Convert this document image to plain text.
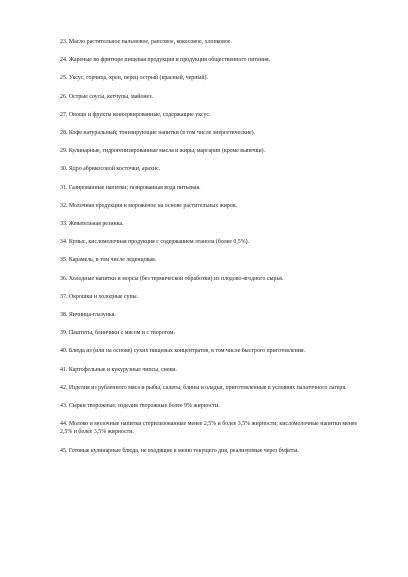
23. Масло растительное пальмовое, рапсовое, кокосовое, хлопковое.
24. Жареные во фритюре пищевая продукция и продукция общественного питания.
25. Уксус, горчица, хрен, перец острый (красный, черный).
26. Острые соусы, кетчупы, майонез.
27. Овощи и фрукты консервированные, содержащие уксус.
28. Кофе натуральный; тонизирующие напитки (в том числе энергетические).
29. Кулинарные, гидрогенизированные масла и жиры, маргарин (кроме выпечки).
30. Ядро абрикосовой косточки, арахис.
31. Газированные напитки; газированная вода питьевая.
32. Молочная продукция и мороженое на основе растительных жиров.
33. Жевательная резинка.
34. Кумыс, кисломолочная продукция с содержанием этанола (более 0,5%).
35. Карамель, в том числе леденцовая.
36. Холодные напитки и морсы (без термической обработки) из плодово-ягодного сырья.
37. Окрошки и холодные супы.
38. Яичница-глазунья.
39. Паштеты, блинчики с мясом и с творогом.
40. Блюда из (или на основе) сухих пищевых концентратов, в том числе быстрого приготовления.
41. Картофельные и кукурузные чипсы, снеки.
42. Изделия из рубленного мяса и рыбы, салаты, блины и оладьи, приготовленные в условиях палаточного лагеря.
43. Сырки творожные; изделия творожные более 9% жирности.
44. Молоко и молочные напитки стерилизованные менее 2,5% и более 3,5% жирности; кисломолочные напитки менее 2,5% и более 3,5% жирности.
45. Готовые кулинарные блюда, не входящие в меню текущего дня, реализуемые через буфеты.
